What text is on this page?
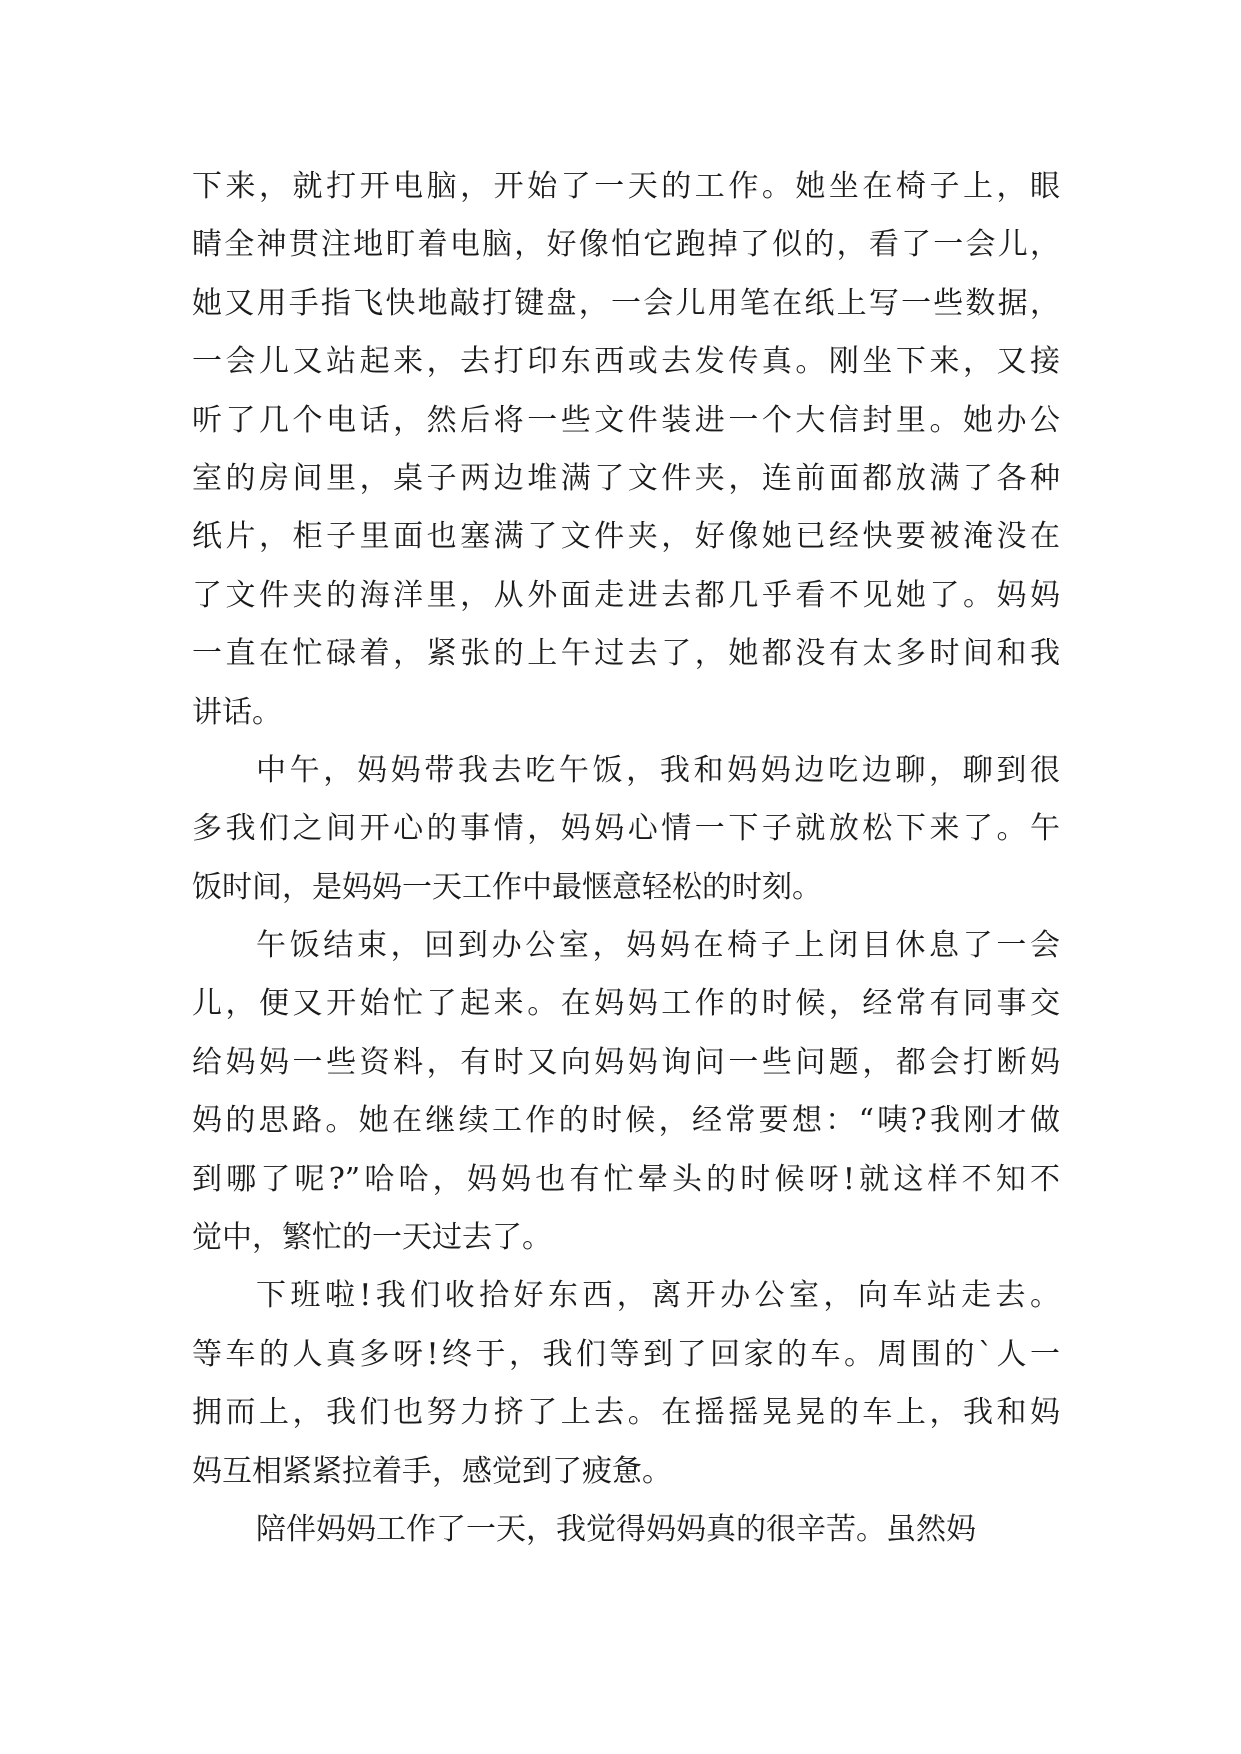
下来，就打开电脑，开始了一天的工作。她坐在椅子上，眼
睛全神贯注地盯着电脑，好像怕它跑掉了似的，看了一会儿，
她又用手指飞快地敲打键盘，一会儿用笔在纸上写一些数据，
一会儿又站起来，去打印东西或去发传真。刚坐下来，又接
听了几个电话，然后将一些文件装进一个大信封里。她办公
室的房间里，桌子两边堆满了文件夹，连前面都放满了各种
纸片，柜子里面也塞满了文件夹，好像她已经快要被淹没在
了文件夹的海洋里，从外面走进去都几乎看不见她了。妈妈
一直在忙碌着，紧张的上午过去了，她都没有太多时间和我
讲话。
中午，妈妈带我去吃午饭，我和妈妈边吃边聊，聊到很
多我们之间开心的事情，妈妈心情一下子就放松下来了。午
饭时间，是妈妈一天工作中最惬意轻松的时刻。
午饭结束，回到办公室，妈妈在椅子上闭目休息了一会
儿，便又开始忙了起来。在妈妈工作的时候，经常有同事交
给妈妈一些资料，有时又向妈妈询问一些问题，都会打断妈
妈的思路。她在继续工作的时候，经常要想：“咦?我刚才做
到哪了呢?”哈哈，妈妈也有忙晕头的时候呀!就这样不知不
觉中，繁忙的一天过去了。
下班啦!我们收拾好东西，离开办公室，向车站走去。
等车的人真多呀!终于，我们等到了回家的车。周围的`人一
拥而上，我们也努力挤了上去。在摇摇晃晃的车上，我和妈
妈互相紧紧拉着手，感觉到了疲惫。
陪伴妈妈工作了一天，我觉得妈妈真的很辛苦。虽然妈
